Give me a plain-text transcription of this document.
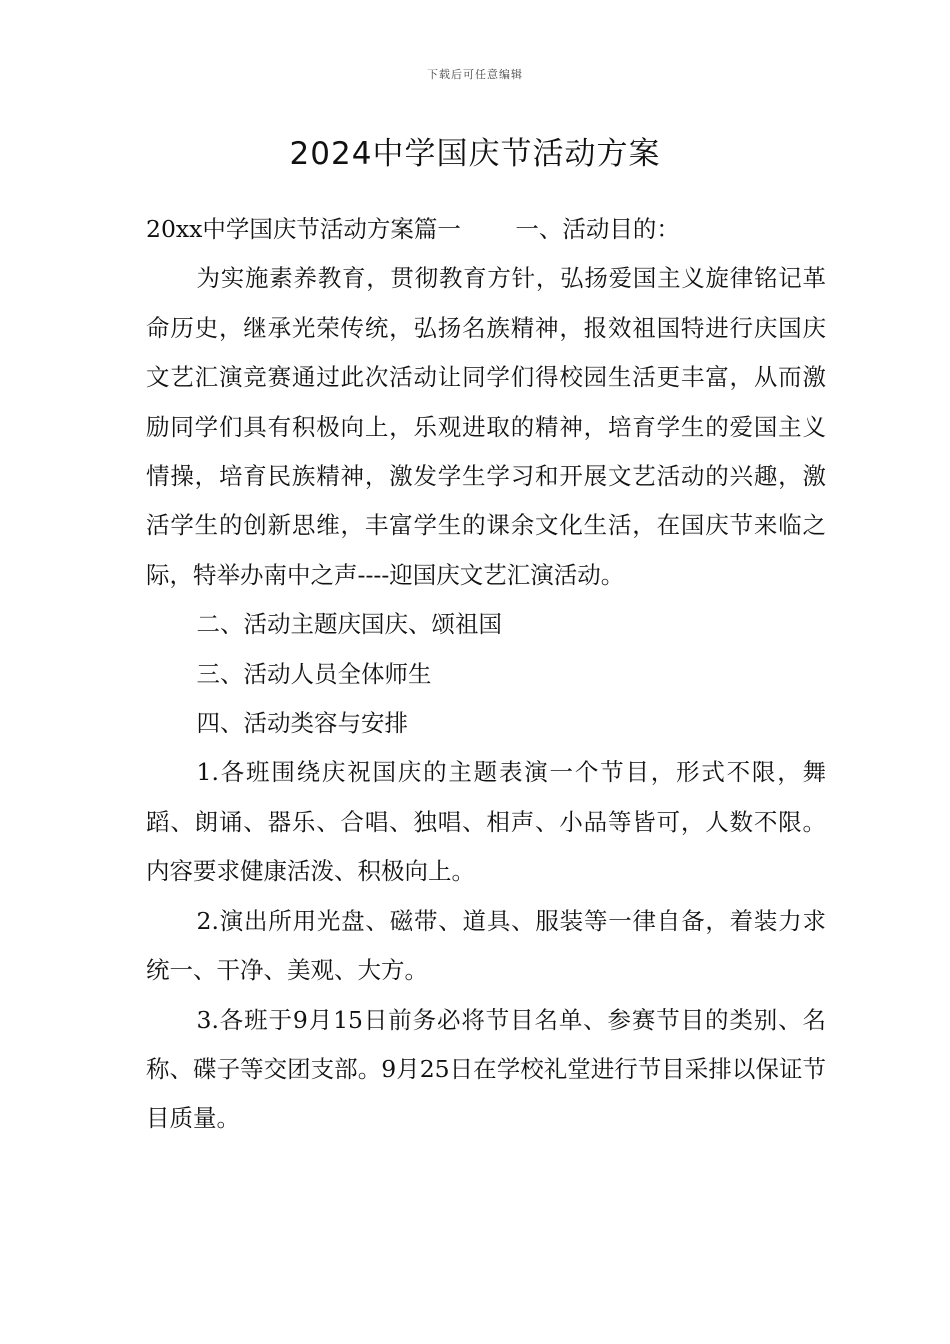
下载后可任意编辑
2024中学国庆节活动方案

20xx中学国庆节活动方案篇一　　 一、活动目的：

为实施素养教育，贯彻教育方针，弘扬爱国主义旋律铭记革命历史，继承光荣传统，弘扬名族精神，报效祖国特进行庆国庆文艺汇演竞赛通过此次活动让同学们得校园生活更丰富，从而激励同学们具有积极向上，乐观进取的精神，培育学生的爱国主义情操，培育民族精神，激发学生学习和开展文艺活动的兴趣，激活学生的创新思维，丰富学生的课余文化生活，在国庆节来临之际，特举办南中之声----迎国庆文艺汇演活动。

二、活动主题庆国庆、颂祖国

三、活动人员全体师生

四、活动类容与安排

1.各班围绕庆祝国庆的主题表演一个节目，形式不限，舞蹈、朗诵、器乐、合唱、独唱、相声、小品等皆可，人数不限。内容要求健康活泼、积极向上。

2.演出所用光盘、磁带、道具、服装等一律自备，着装力求统一、干净、美观、大方。

3.各班于9月15日前务必将节目名单、参赛节目的类别、名称、碟子等交团支部。9月25日在学校礼堂进行节目采排以保证节目质量。
